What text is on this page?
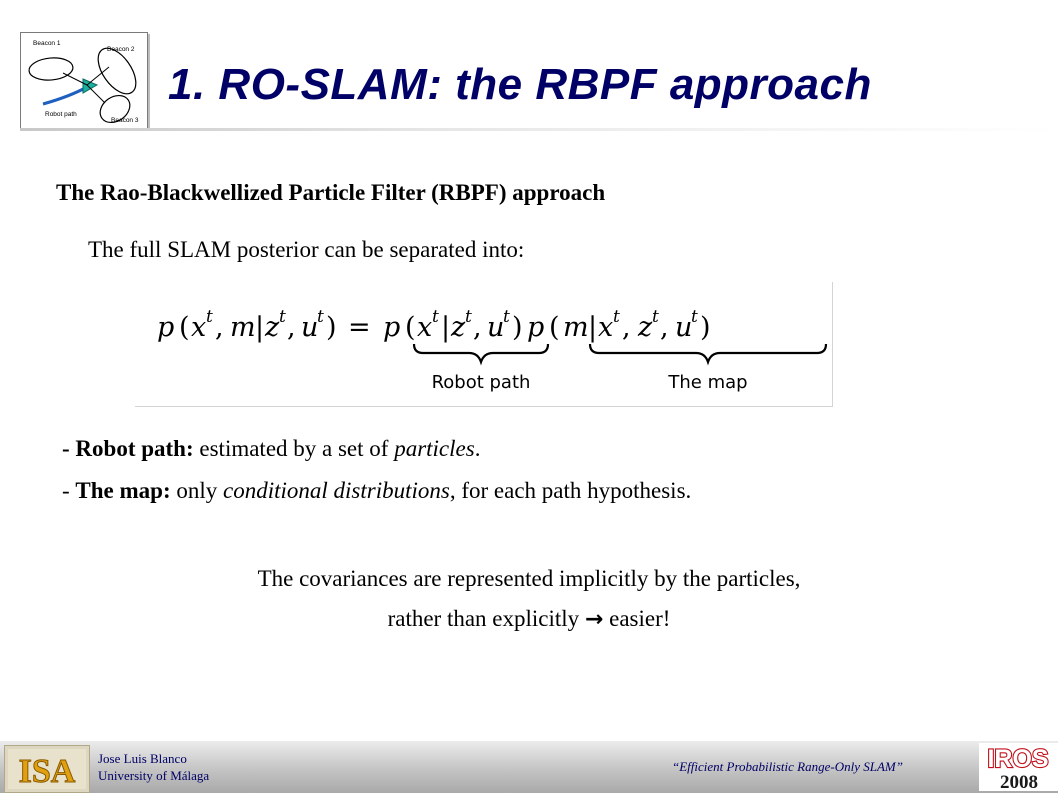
Beacon 1
Beacon 2
Beacon 3
Robot path
1. RO-SLAM: the RBPF approach
The Rao-Blackwellized Particle Filter (RBPF) approach
The full SLAM posterior can be separated into:
p ( x t , m | z t , u
t ) = p ( x t | z t , u
t ) p ( m | x t , z t , u
t )
Robot path	The map
- Robot path: estimated by a set of particles.
- The map: only conditional distributions, for each path hypothesis.
The covariances are represented implicitly by the particles,
rather than explicitly → easier!
ISA Jose Luis Blanco
University of Málaga
“Efficient Probabilistic Range-Only SLAM”	IROS
2008
